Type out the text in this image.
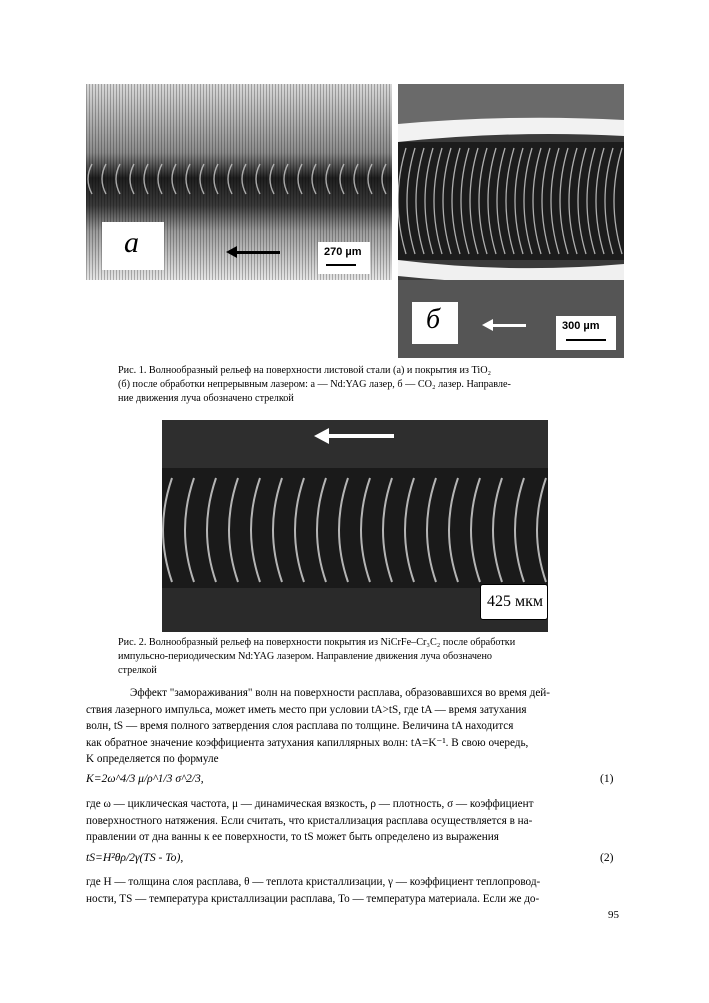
а	270 µm
б	300 µm
Рис. 1. Волнообразный рельеф на поверхности листовой стали (а) и покрытия из TiO₂
(б) после обработки непрерывным лазером: а — Nd:YAG лазер, б — CO₂ лазер. Направле-
ние движения луча обозначено стрелкой
425 мкм
Рис. 2. Волнообразный рельеф на поверхности покрытия из NiCrFe–Cr₃C₂ после обработки
импульсно-периодическим Nd:YAG лазером. Направление движения луча обозначено
стрелкой
Эффект "замораживания" волн на поверхности расплава, образовавшихся во время дей-
ствия лазерного импульса, может иметь место при условии tA>tS, где tA — время затухания
волн, tS — время полного затвердения слоя расплава по толщине. Величина tA находится
как обратное значение коэффициента затухания капиллярных волн: tA=K⁻¹. В свою очередь,
K определяется по формуле
K=2ω^4/3 μ/ρ^1/3 σ^2/3,	(1)
где ω — циклическая частота, μ — динамическая вязкость, ρ — плотность, σ — коэффициент
поверхностного натяжения. Если считать, что кристаллизация расплава осуществляется в на-
правлении от дна ванны к ее поверхности, то tS может быть определено из выражения
tS=H²θρ/2γ(TS - To),	(2)
где H — толщина слоя расплава, θ — теплота кристаллизации, γ — коэффициент теплопровод-
ности, TS — температура кристаллизации расплава, To — температура материала. Если же до-
95
